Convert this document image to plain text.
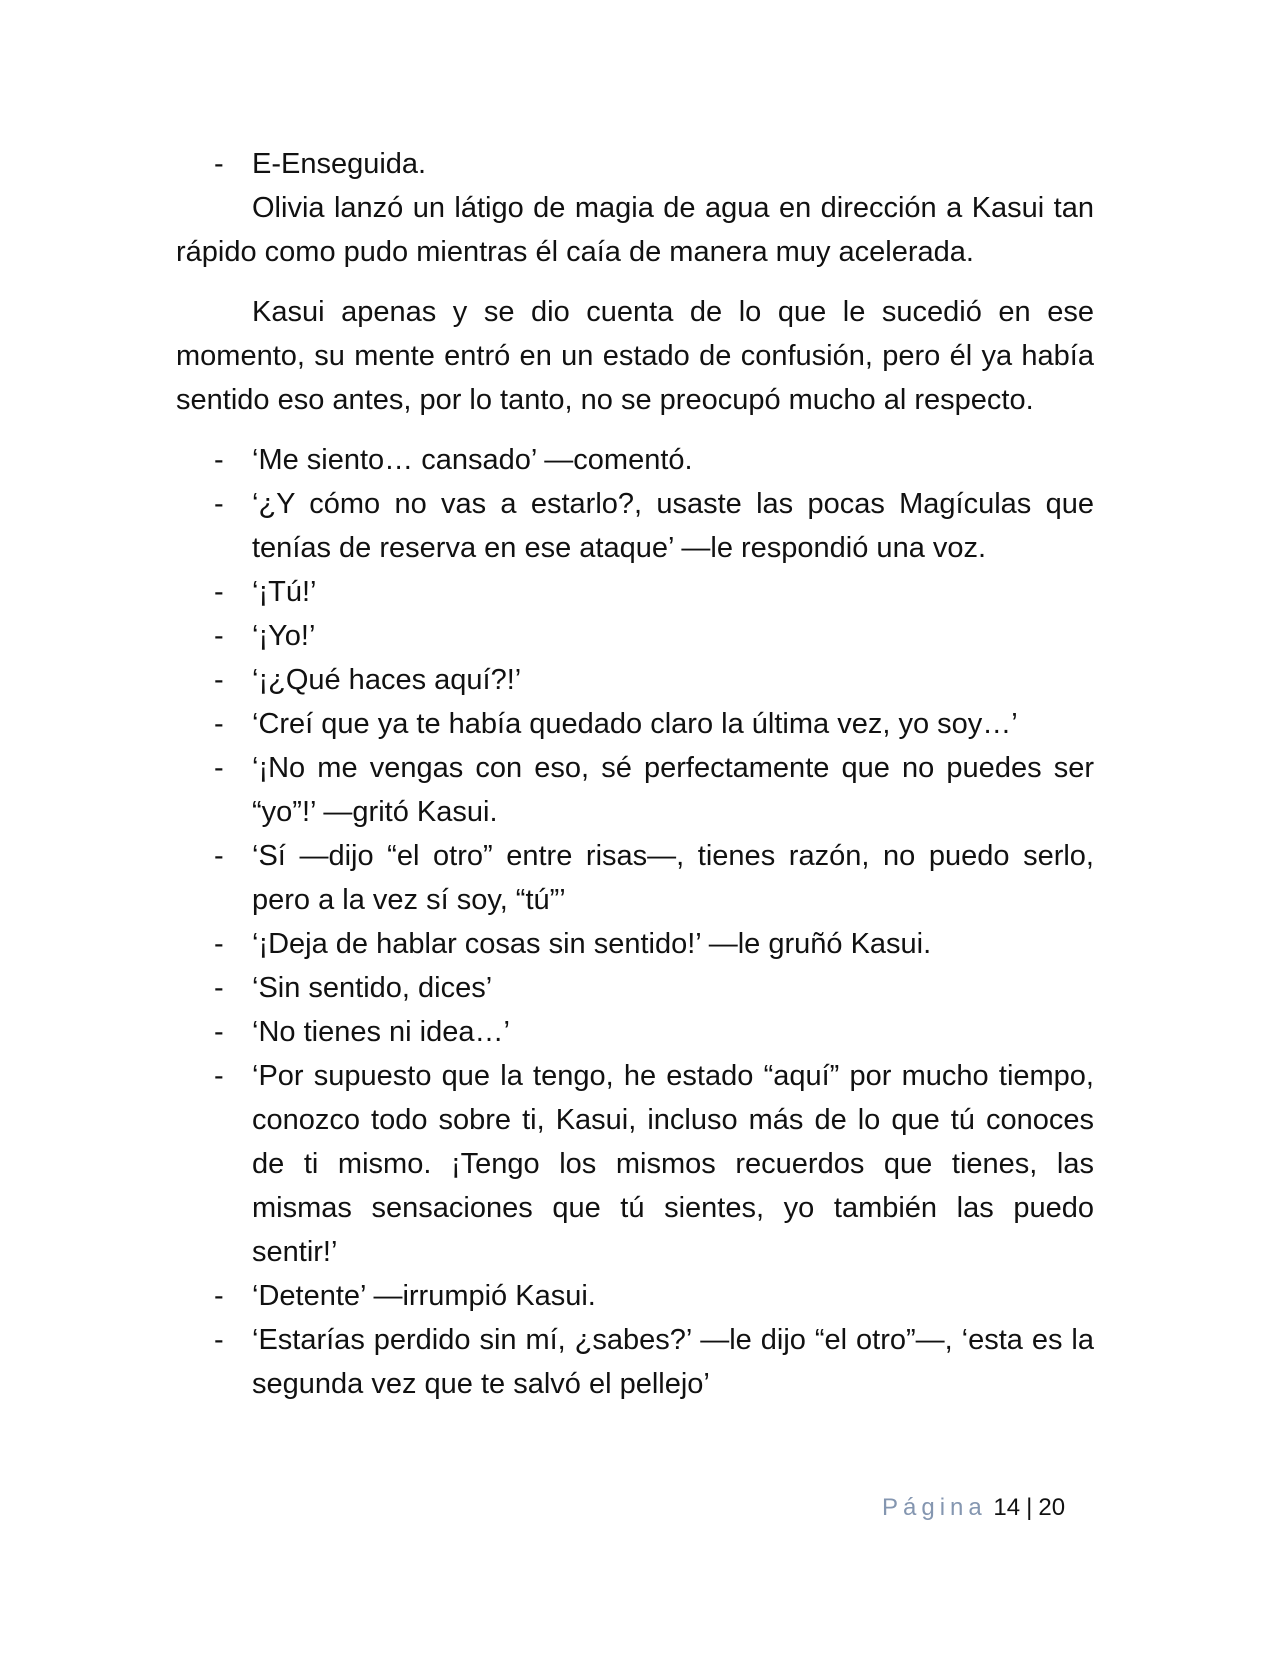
- E-Enseguida.

Olivia lanzó un látigo de magia de agua en dirección a Kasui tan rápido como pudo mientras él caía de manera muy acelerada.

Kasui apenas y se dio cuenta de lo que le sucedió en ese momento, su mente entró en un estado de confusión, pero él ya había sentido eso antes, por lo tanto, no se preocupó mucho al respecto.

- ‘Me siento… cansado’ —comentó.
- ‘¿Y cómo no vas a estarlo?, usaste las pocas Magículas que tenías de reserva en ese ataque’ —le respondió una voz.
- ‘¡Tú!’
- ‘¡Yo!’
- ‘¡¿Qué haces aquí?!’
- ‘Creí que ya te había quedado claro la última vez, yo soy…’
- ‘¡No me vengas con eso, sé perfectamente que no puedes ser “yo”!’ —gritó Kasui.
- ‘Sí —dijo “el otro” entre risas—, tienes razón, no puedo serlo, pero a la vez sí soy, “tú”’
- ‘¡Deja de hablar cosas sin sentido!’ —le gruñó Kasui.
- ‘Sin sentido, dices’
- ‘No tienes ni idea…’
- ‘Por supuesto que la tengo, he estado “aquí” por mucho tiempo, conozco todo sobre ti, Kasui, incluso más de lo que tú conoces de ti mismo. ¡Tengo los mismos recuerdos que tienes, las mismas sensaciones que tú sientes, yo también las puedo sentir!’
- ‘Detente’ —irrumpió Kasui.
- ‘Estarías perdido sin mí, ¿sabes?’ —le dijo “el otro”—, ‘esta es la segunda vez que te salvó el pellejo’
Página 14 | 20
